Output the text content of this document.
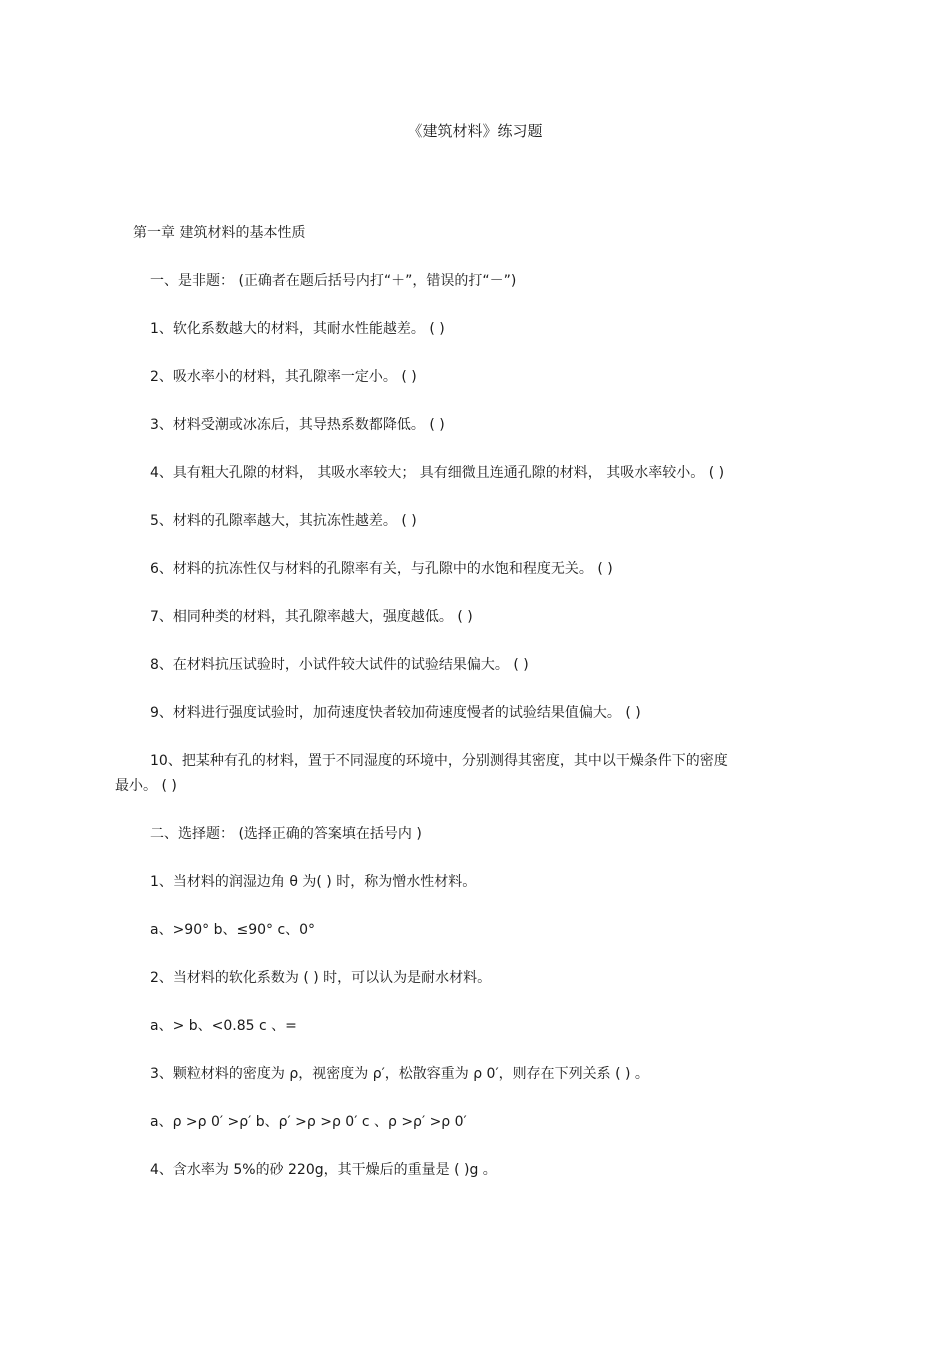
《建筑材料》练习题
第一章 建筑材料的基本性质
一、是非题： (正确者在题后括号内打“＋”，错误的打“－”)
1、软化系数越大的材料，其耐水性能越差。 ( )
2、吸水率小的材料，其孔隙率一定小。 ( )
3、材料受潮或冰冻后，其导热系数都降低。 ( )
4、具有粗大孔隙的材料， 其吸水率较大； 具有细微且连通孔隙的材料， 其吸水率较小。 ( )
5、材料的孔隙率越大，其抗冻性越差。 ( )
6、材料的抗冻性仅与材料的孔隙率有关，与孔隙中的水饱和程度无关。 ( )
7、相同种类的材料，其孔隙率越大，强度越低。 ( )
8、在材料抗压试验时，小试件较大试件的试验结果偏大。 ( )
9、材料进行强度试验时，加荷速度快者较加荷速度慢者的试验结果值偏大。 ( )
10、把某种有孔的材料，置于不同湿度的环境中，分别测得其密度，其中以干燥条件下的密度
最小。 ( )
二、选择题： (选择正确的答案填在括号内 )
1、当材料的润湿边角 θ 为( ) 时，称为憎水性材料。
a、>90° b、≤90° c、0°
2、当材料的软化系数为 ( ) 时，可以认为是耐水材料。
a、> b、<0.85 c 、=
3、颗粒材料的密度为 ρ，视密度为 ρ′，松散容重为 ρ 0′，则存在下列关系 ( ) 。
a、ρ >ρ 0′ >ρ′ b、ρ′ >ρ >ρ 0′ c 、ρ >ρ′ >ρ 0′
4、含水率为 5%的砂 220g，其干燥后的重量是 ( )g 。
